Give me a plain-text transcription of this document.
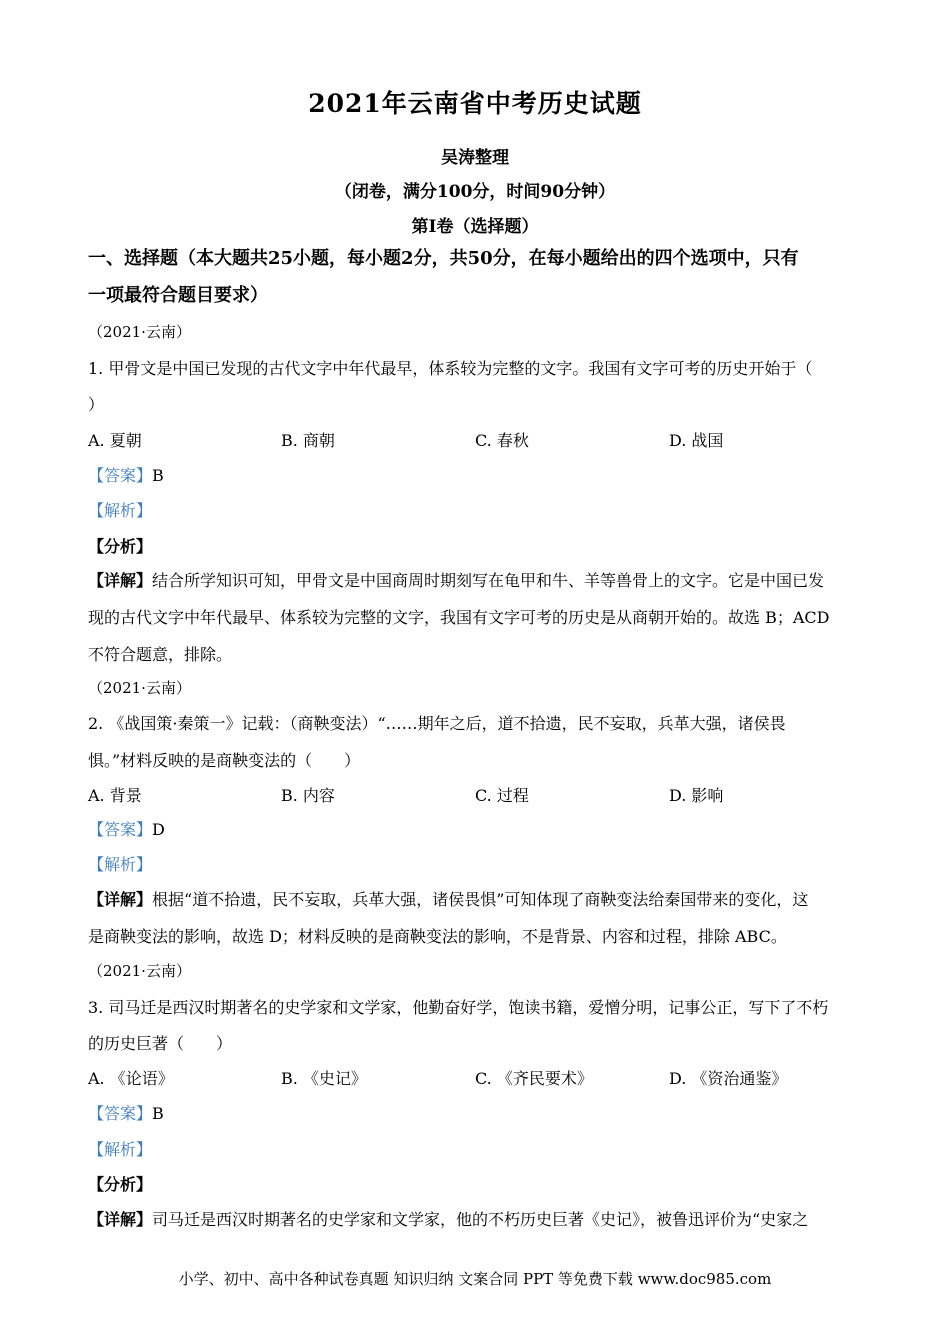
2021年云南省中考历史试题
吴涛整理
（闭卷，满分100分，时间90分钟）
第Ⅰ卷（选择题）
一、选择题（本大题共25小题，每小题2分，共50分，在每小题给出的四个选项中，只有
一项最符合题目要求）
（2021·云南）
1. 甲骨文是中国已发现的古代文字中年代最早，体系较为完整的文字。我国有文字可考的历史开始于（
）
A. 夏朝	B. 商朝	C. 春秋	D. 战国
【答案】B
【解析】
【分析】
【详解】结合所学知识可知，甲骨文是中国商周时期刻写在龟甲和牛、羊等兽骨上的文字。它是中国已发
现的古代文字中年代最早、体系较为完整的文字，我国有文字可考的历史是从商朝开始的。故选 B；ACD
不符合题意，排除。
（2021·云南）
2. 《战国策·秦策一》记载：（商鞅变法）“……期年之后，道不拾遗，民不妄取，兵革大强，诸侯畏
惧。”材料反映的是商鞅变法的（　　）
A. 背景	B. 内容	C. 过程	D. 影响
【答案】D
【解析】
【详解】根据“道不拾遗，民不妄取，兵革大强，诸侯畏惧”可知体现了商鞅变法给秦国带来的变化，这
是商鞅变法的影响，故选 D；材料反映的是商鞅变法的影响，不是背景、内容和过程，排除 ABC。
（2021·云南）
3. 司马迁是西汉时期著名的史学家和文学家，他勤奋好学，饱读书籍，爱憎分明，记事公正，写下了不朽
的历史巨著（　　）
A. 《论语》	B. 《史记》	C. 《齐民要术》	D. 《资治通鉴》
【答案】B
【解析】
【分析】
【详解】司马迁是西汉时期著名的史学家和文学家，他的不朽历史巨著《史记》，被鲁迅评价为“史家之
小学、初中、高中各种试卷真题 知识归纳 文案合同 PPT 等免费下载 www.doc985.com
